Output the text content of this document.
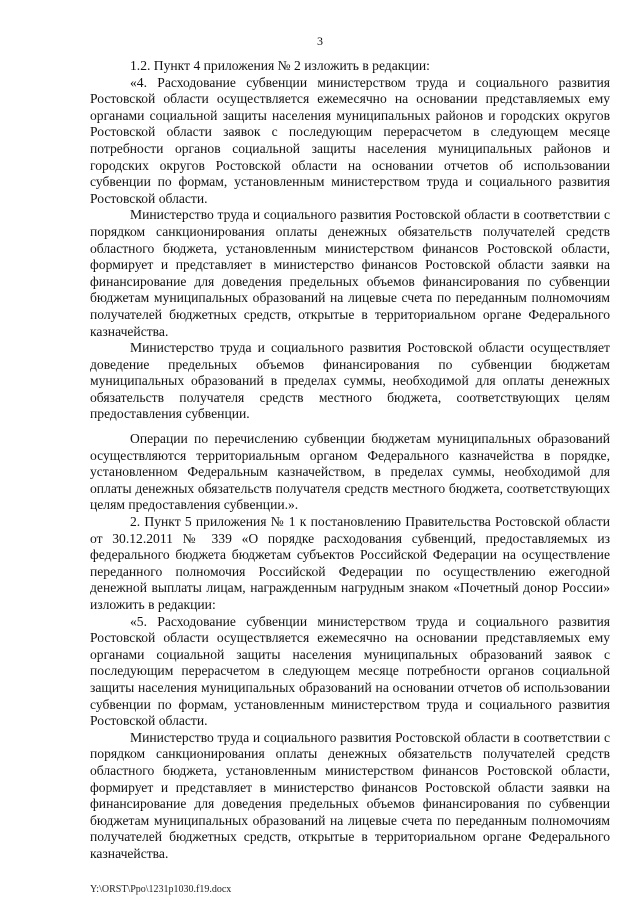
3

1.2. Пункт 4 приложения № 2 изложить в редакции:

«4. Расходование субвенции министерством труда и социального развития Ростовской области осуществляется ежемесячно на основании представляемых ему органами социальной защиты населения муниципальных районов и городских округов Ростовской области заявок с последующим перерасчетом в следующем месяце потребности органов социальной защиты населения муниципальных районов и городских округов Ростовской области на основании отчетов об использовании субвенции по формам, установленным министерством труда и социального развития Ростовской области.

Министерство труда и социального развития Ростовской области в соответствии с порядком санкционирования оплаты денежных обязательств получателей средств областного бюджета, установленным министерством финансов Ростовской области, формирует и представляет в министерство финансов Ростовской области заявки на финансирование для доведения предельных объемов финансирования по субвенции бюджетам муниципальных образований на лицевые счета по переданным полномочиям получателей бюджетных средств, открытые в территориальном органе Федерального казначейства.

Министерство труда и социального развития Ростовской области осуществляет доведение предельных объемов финансирования по субвенции бюджетам муниципальных образований в пределах суммы, необходимой для оплаты денежных обязательств получателя средств местного бюджета, соответствующих целям предоставления субвенции.

Операции по перечислению субвенции бюджетам муниципальных образований осуществляются территориальным органом Федерального казначейства в порядке, установленном Федеральным казначейством, в пределах суммы, необходимой для оплаты денежных обязательств получателя средств местного бюджета, соответствующих целям предоставления субвенции.».

2. Пункт 5 приложения № 1 к постановлению Правительства Ростовской области от 30.12.2011 № 339 «О порядке расходования субвенций, предоставляемых из федерального бюджета бюджетам субъектов Российской Федерации на осуществление переданного полномочия Российской Федерации по осуществлению ежегодной денежной выплаты лицам, награжденным нагрудным знаком «Почетный донор России» изложить в редакции:

«5. Расходование субвенции министерством труда и социального развития Ростовской области осуществляется ежемесячно на основании представляемых ему органами социальной защиты населения муниципальных образований заявок с последующим перерасчетом в следующем месяце потребности органов социальной защиты населения муниципальных образований на основании отчетов об использовании субвенции по формам, установленным министерством труда и социального развития Ростовской области.

Министерство труда и социального развития Ростовской области в соответствии с порядком санкционирования оплаты денежных обязательств получателей средств областного бюджета, установленным министерством финансов Ростовской области, формирует и представляет в министерство финансов Ростовской области заявки на финансирование для доведения предельных объемов финансирования по субвенции бюджетам муниципальных образований на лицевые счета по переданным полномочиям получателей бюджетных средств, открытые в территориальном органе Федерального казначейства.

Y:\ORST\Ppo\1231p1030.f19.docx
